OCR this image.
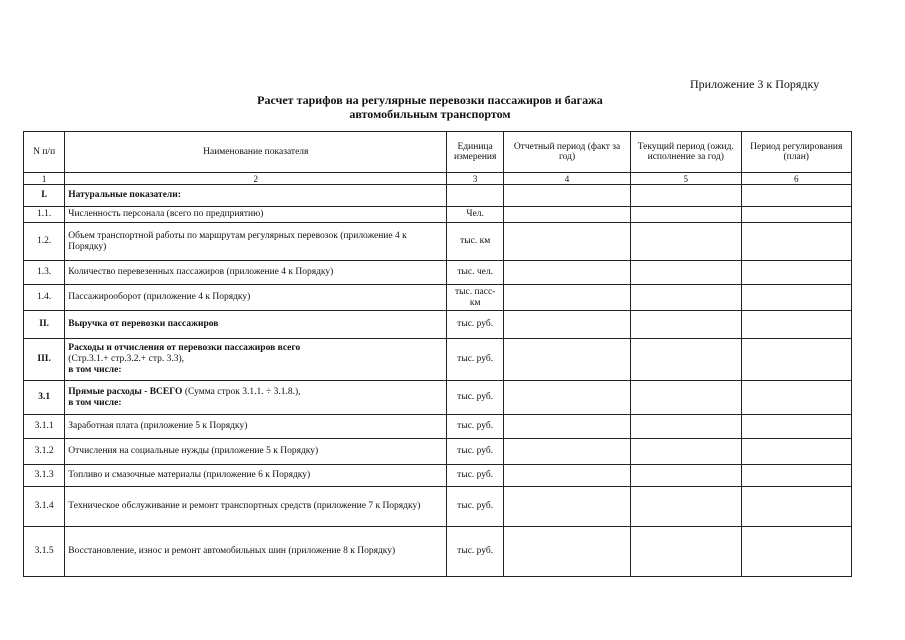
Приложение 3 к Порядку
Расчет тарифов на регулярные перевозки пассажиров и багажа
автомобильным транспортом
N п/п	Наименование показателя	Единица измерения	Отчетный период (факт за год)	Текущий период (ожид. исполнение за год)	Период регулирования (план)
1	2	3	4	5	6
I.	Натуральные показатели:				
1.1.	Численность персонала (всего по предприятию)	Чел.			
1.2.	Объем транспортной работы по маршрутам регулярных перевозок (приложение 4 к Порядку)	тыс. км			
1.3.	Количество перевезенных пассажиров (приложение 4 к Порядку)	тыс. чел.			
1.4.	Пассажирооборот (приложение 4 к Порядку)	тыс. пасс-км			
II.	Выручка от перевозки пассажиров	тыс. руб.			
III.	Расходы и отчисления от перевозки пассажиров всего
(Стр.3.1.+ стр.3.2.+ стр. 3.3),
в том числе:	тыс. руб.			
3.1	Прямые расходы - ВСЕГО (Сумма строк 3.1.1. ÷ 3.1.8.),
в том числе:	тыс. руб.			
3.1.1	Заработная плата (приложение 5 к Порядку)	тыс. руб.			
3.1.2	Отчисления на социальные нужды (приложение 5 к Порядку)	тыс. руб.			
3.1.3	Топливо и смазочные материалы (приложение 6 к Порядку)	тыс. руб.			
3.1.4	Техническое обслуживание и ремонт транспортных средств (приложение 7 к Порядку)	тыс. руб.			
3.1.5	Восстановление, износ и ремонт автомобильных шин (приложение 8 к Порядку)	тыс. руб.			
